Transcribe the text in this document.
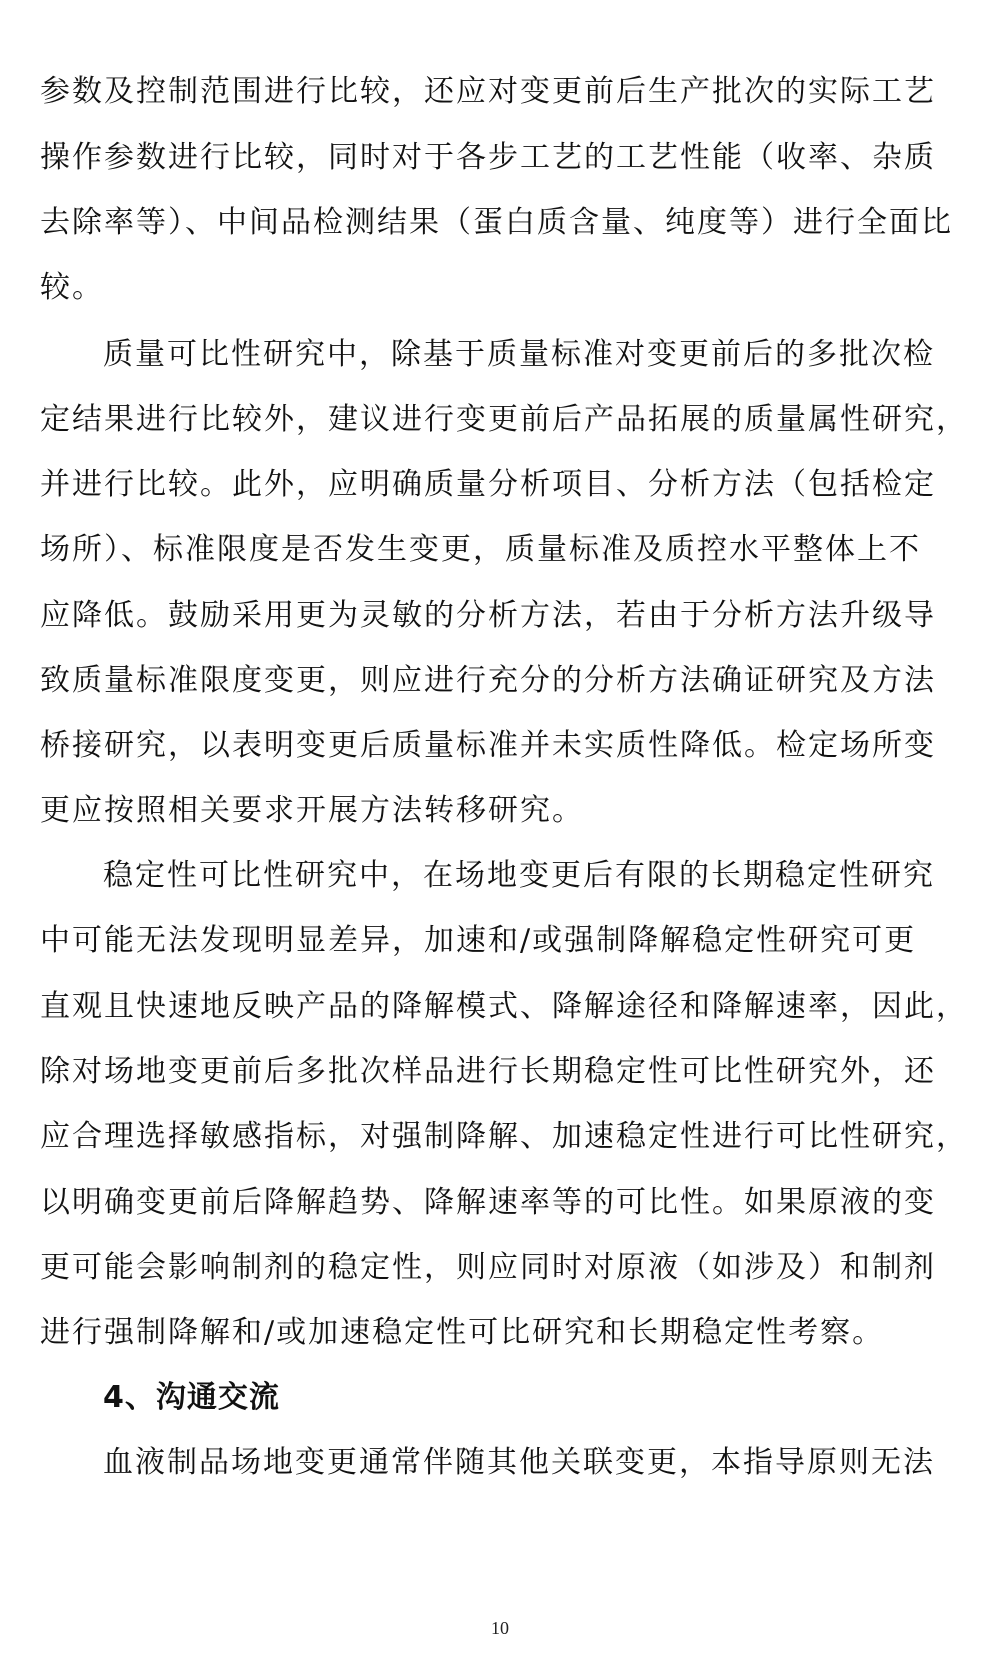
参数及控制范围进行比较，还应对变更前后生产批次的实际工艺
操作参数进行比较，同时对于各步工艺的工艺性能（收率、杂质
去除率等）、中间品检测结果（蛋白质含量、纯度等）进行全面比
较。
质量可比性研究中，除基于质量标准对变更前后的多批次检
定结果进行比较外，建议进行变更前后产品拓展的质量属性研究，
并进行比较。此外，应明确质量分析项目、分析方法（包括检定
场所）、标准限度是否发生变更，质量标准及质控水平整体上不
应降低。鼓励采用更为灵敏的分析方法，若由于分析方法升级导
致质量标准限度变更，则应进行充分的分析方法确证研究及方法
桥接研究，以表明变更后质量标准并未实质性降低。检定场所变
更应按照相关要求开展方法转移研究。
稳定性可比性研究中，在场地变更后有限的长期稳定性研究
中可能无法发现明显差异，加速和/或强制降解稳定性研究可更
直观且快速地反映产品的降解模式、降解途径和降解速率，因此，
除对场地变更前后多批次样品进行长期稳定性可比性研究外，还
应合理选择敏感指标，对强制降解、加速稳定性进行可比性研究，
以明确变更前后降解趋势、降解速率等的可比性。如果原液的变
更可能会影响制剂的稳定性，则应同时对原液（如涉及）和制剂
进行强制降解和/或加速稳定性可比研究和长期稳定性考察。
4、沟通交流
血液制品场地变更通常伴随其他关联变更，本指导原则无法
10
